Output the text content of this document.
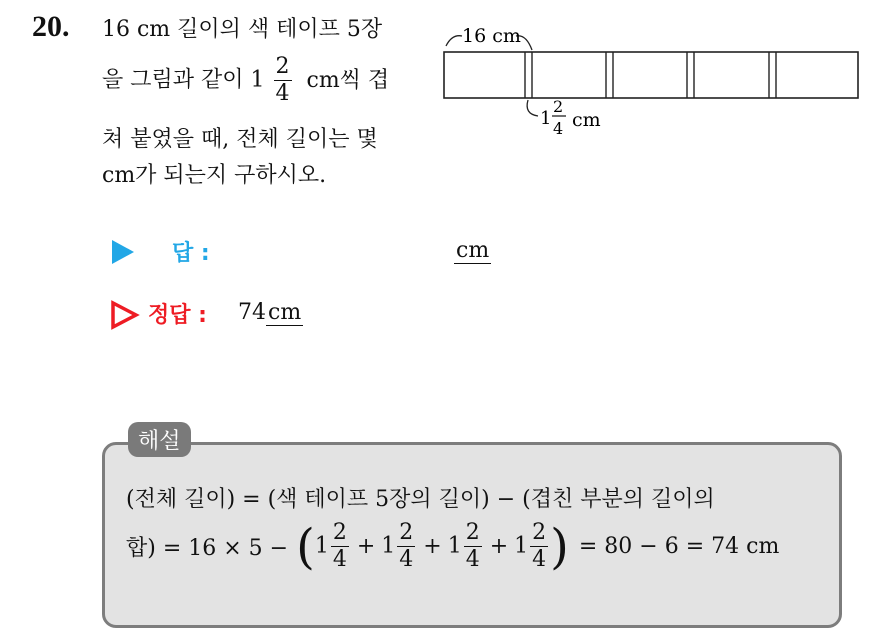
20. 16 cm 길이의 색 테이프 5장
을 그림과 같이 $1 \frac{2}{4}$ cm씩 겹
쳐 붙였을 때, 전체 길이는 몇
cm가 되는지 구하시오.
16 cm
1
2
4 cm
답 :	cm
정답 : 74cm
해설
(전체 길이) = (색 테이프 5장의 길이) − (겹친 부분의 길이의
합) = 16 × 5 − ( $1 \frac{2}{4} + 1 \frac{2}{4} + 1 \frac{2}{4} + 1 \frac{2}{4}$ ) = 80 − 6 = 74 cm
